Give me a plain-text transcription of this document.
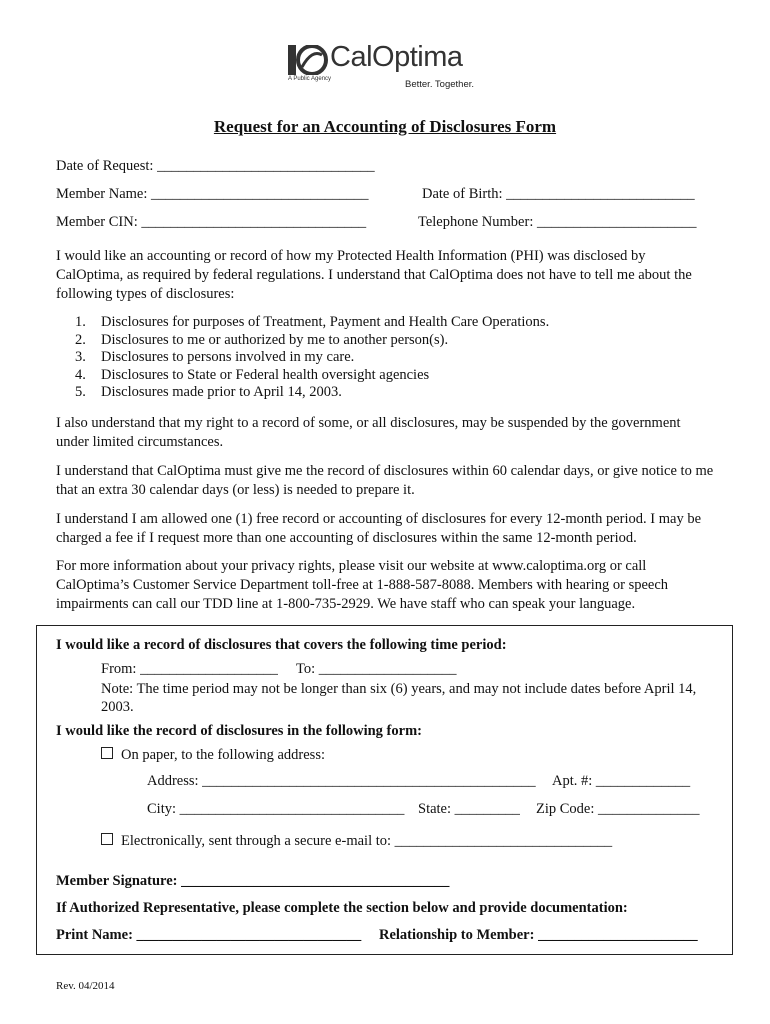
CalOptima
A Public Agency	Better. Together.
Request for an Accounting of Disclosures Form
Date of Request: ______________________________
Member Name: ______________________________	Date of Birth: __________________________
Member CIN: _______________________________	Telephone Number: ______________________
I would like an accounting or record of how my Protected Health Information (PHI) was disclosed by CalOptima, as required by federal regulations. I understand that CalOptima does not have to tell me about the following types of disclosures:
1. Disclosures for purposes of Treatment, Payment and Health Care Operations.
2. Disclosures to me or authorized by me to another person(s).
3. Disclosures to persons involved in my care.
4. Disclosures to State or Federal health oversight agencies
5. Disclosures made prior to April 14, 2003.
I also understand that my right to a record of some, or all disclosures, may be suspended by the government under limited circumstances.
I understand that CalOptima must give me the record of disclosures within 60 calendar days, or give notice to me that an extra 30 calendar days (or less) is needed to prepare it.
I understand I am allowed one (1) free record or accounting of disclosures for every 12-month period. I may be charged a fee if I request more than one accounting of disclosures within the same 12-month period.
For more information about your privacy rights, please visit our website at www.caloptima.org or call CalOptima’s Customer Service Department toll-free at 1-888-587-8088. Members with hearing or speech impairments can call our TDD line at 1-800-735-2929. We have staff who can speak your language.
I would like a record of disclosures that covers the following time period:
From: ___________________ To: ___________________
Note: The time period may not be longer than six (6) years, and may not include dates before April 14, 2003.
I would like the record of disclosures in the following form:
On paper, to the following address:
Address: ______________________________________________ Apt. #: _____________
City: _______________________________ State: _________ Zip Code: ______________
Electronically, sent through a secure e-mail to: ______________________________
Member Signature: _____________________________________
If Authorized Representative, please complete the section below and provide documentation:
Print Name: _______________________________ Relationship to Member: ______________________
Rev. 04/2014
